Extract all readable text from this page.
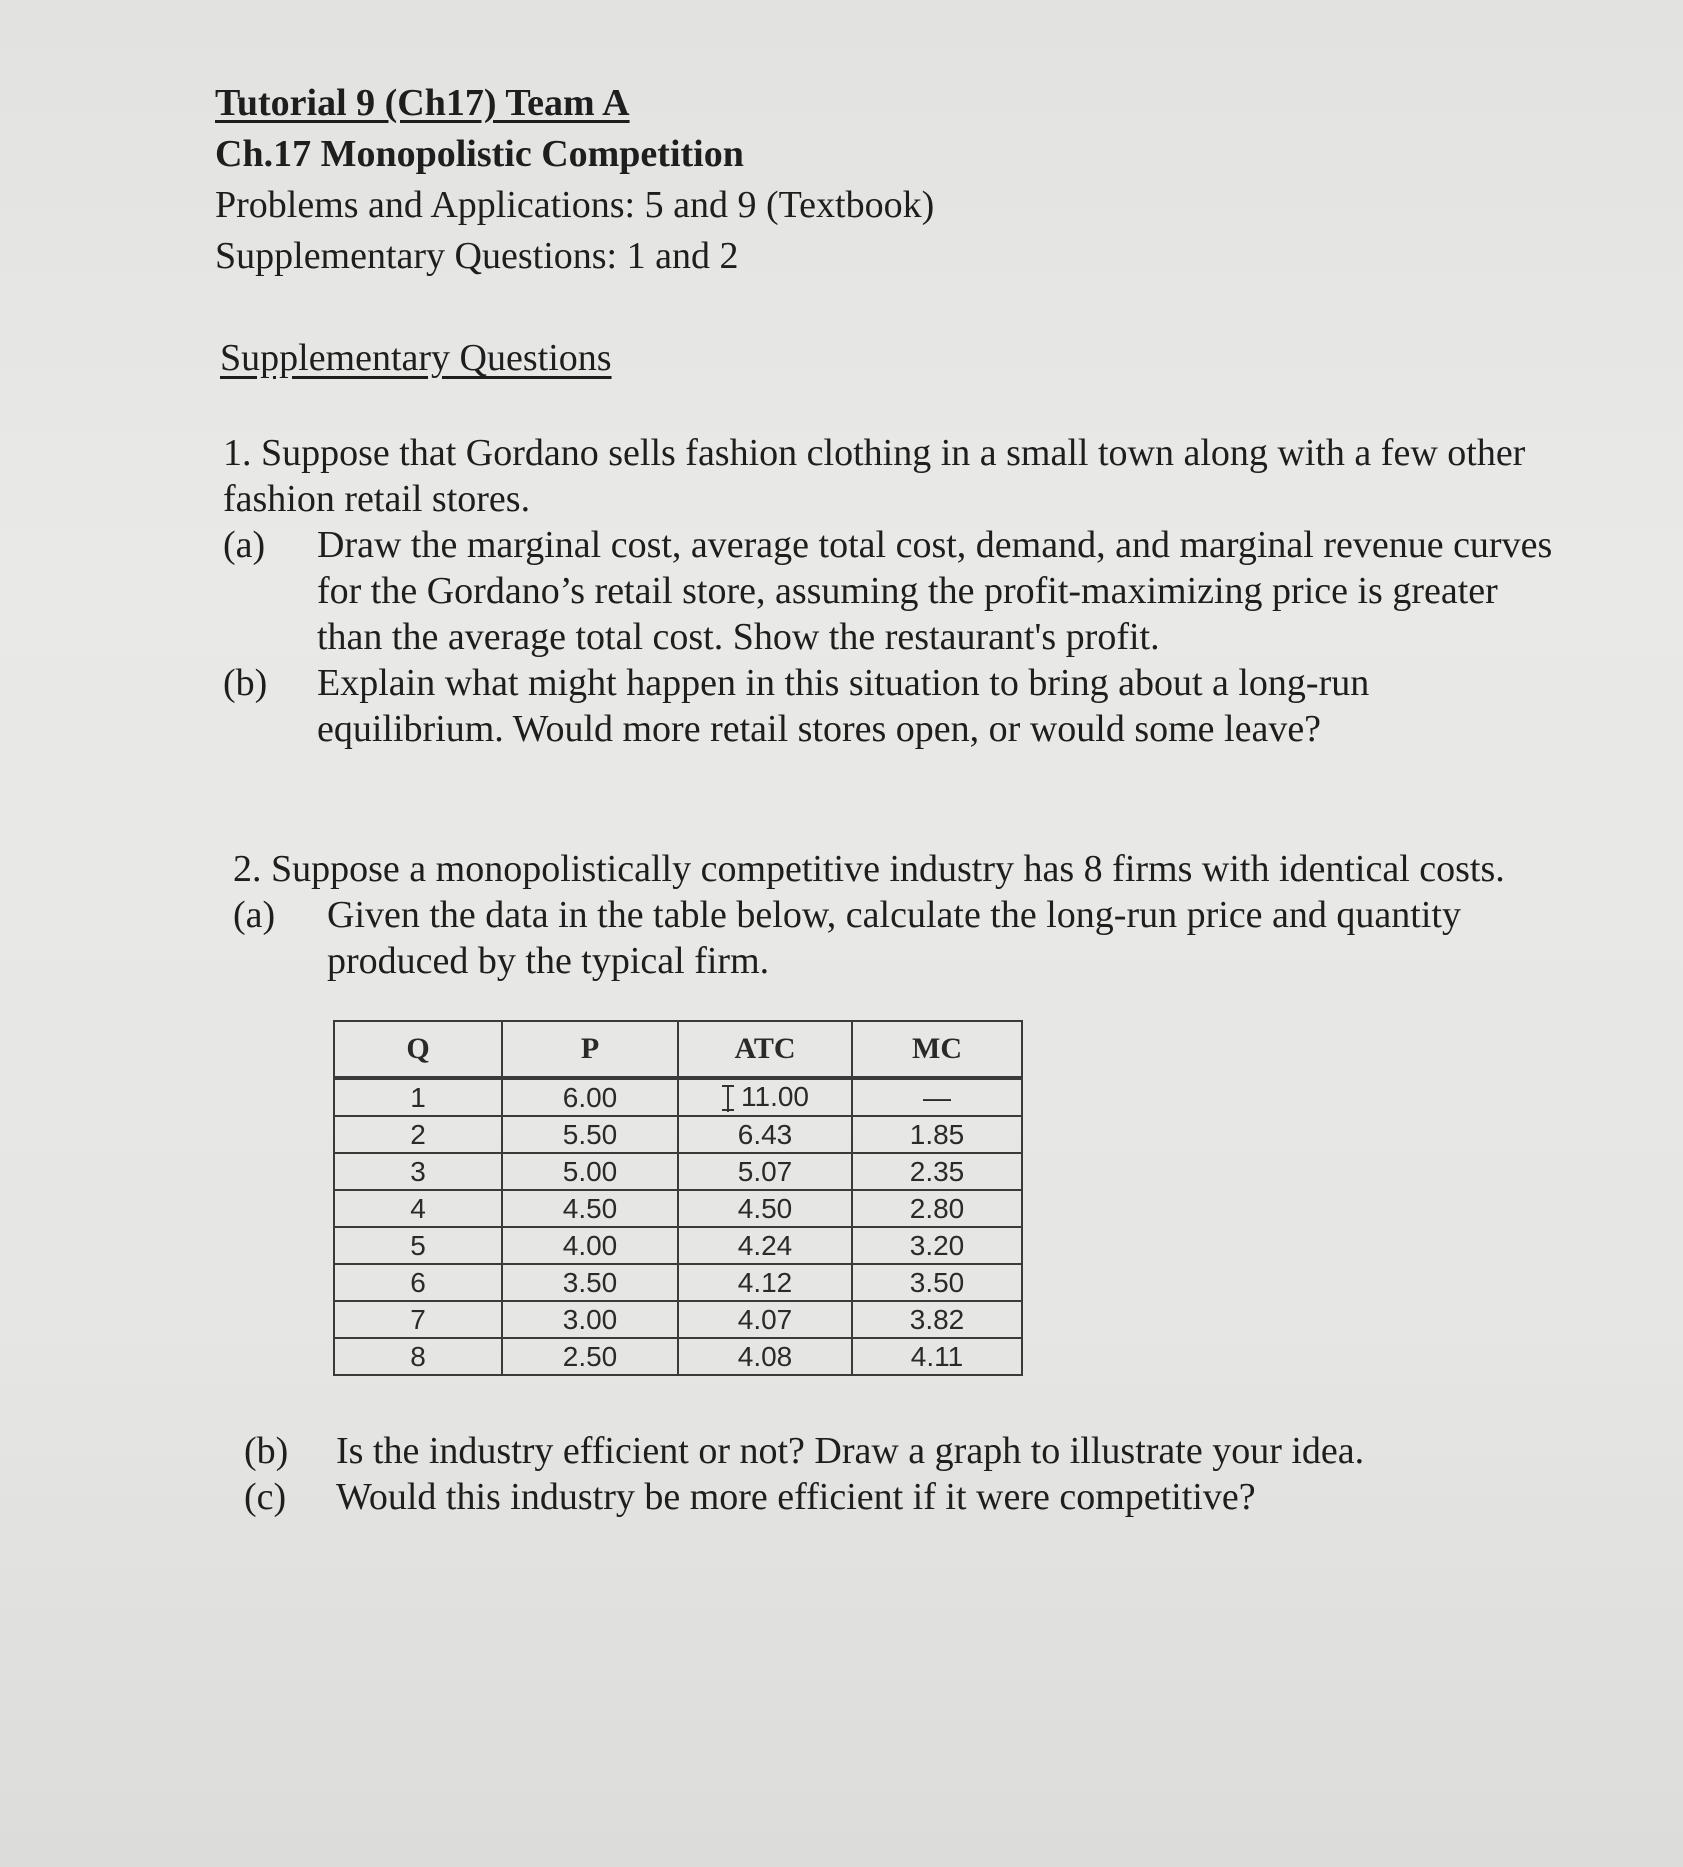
Tutorial 9 (Ch17) Team A
Ch.17 Monopolistic Competition
Problems and Applications: 5 and 9 (Textbook)
Supplementary Questions: 1 and 2
Supplementary Questions
1. Suppose that Gordano sells fashion clothing in a small town along with a few other fashion retail stores.
(a)	Draw the marginal cost, average total cost, demand, and marginal revenue curves for the Gordano’s retail store, assuming the profit-maximizing price is greater than the average total cost. Show the restaurant's profit.
(b)	Explain what might happen in this situation to bring about a long-run equilibrium. Would more retail stores open, or would some leave?
2. Suppose a monopolistically competitive industry has 8 firms with identical costs.
(a)	Given the data in the table below, calculate the long-run price and quantity produced by the typical firm.
Q	P	ATC	MC
1	6.00	11.00	—
2	5.50	6.43	1.85
3	5.00	5.07	2.35
4	4.50	4.50	2.80
5	4.00	4.24	3.20
6	3.50	4.12	3.50
7	3.00	4.07	3.82
8	2.50	4.08	4.11
(b)	Is the industry efficient or not? Draw a graph to illustrate your idea.
(c)	Would this industry be more efficient if it were competitive?
